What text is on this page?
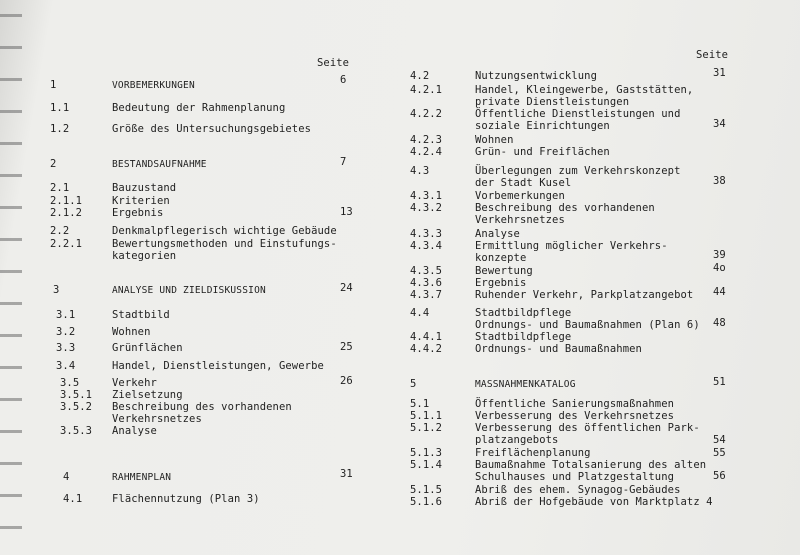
Seite
1	VORBEMERKUNGEN	6
1.1	Bedeutung der Rahmenplanung
1.2	Größe des Untersuchungsgebietes
2	BESTANDSAUFNAHME	7
2.1	Bauzustand
2.1.1	Kriterien
2.1.2	Ergebnis	13
2.2	Denkmalpflegerisch wichtige Gebäude
2.2.1	Bewertungsmethoden und Einstufungs-
kategorien
3	ANALYSE UND ZIELDISKUSSION	24
3.1	Stadtbild
3.2	Wohnen
3.3	Grünflächen	25
3.4	Handel, Dienstleistungen, Gewerbe
3.5	Verkehr	26
3.5.1 Zielsetzung
3.5.2 Beschreibung des vorhandenen
Verkehrsnetzes
3.5.3 Analyse
4	RAHMENPLAN	31
4.1	Flächennutzung (Plan 3)
Seite
4.2	Nutzungsentwicklung	31
4.2.1	Handel, Kleingewerbe, Gaststätten,
private Dienstleistungen
4.2.2	Öffentliche Dienstleistungen und
soziale Einrichtungen	34
4.2.3	Wohnen
4.2.4	Grün- und Freiflächen
4.3	Überlegungen zum Verkehrskonzept
der Stadt Kusel	38
4.3.1	Vorbemerkungen
4.3.2	Beschreibung des vorhandenen
Verkehrsnetzes
4.3.3	Analyse
4.3.4	Ermittlung möglicher Verkehrs-
konzepte	39
4.3.5	Bewertung	4o
4.3.6	Ergebnis
4.3.7	Ruhender Verkehr, Parkplatzangebot 44
4.4	Stadtbildpflege
Ordnungs- und Baumaßnahmen (Plan 6) 48
4.4.1	Stadtbildpflege
4.4.2	Ordnungs- und Baumaßnahmen
5	MASSNAHMENKATALOG	51
5.1	Öffentliche Sanierungsmaßnahmen
5.1.1	Verbesserung des Verkehrsnetzes
5.1.2	Verbesserung des öffentlichen Park-
platzangebots	54
5.1.3	Freiflächenplanung	55
5.1.4	Baumaßnahme Totalsanierung des alten
Schulhauses und Platzgestaltung	56
5.1.5	Abriß des ehem. Synagog-Gebäudes
5.1.6	Abriß der Hofgebäude von Marktplatz 4
